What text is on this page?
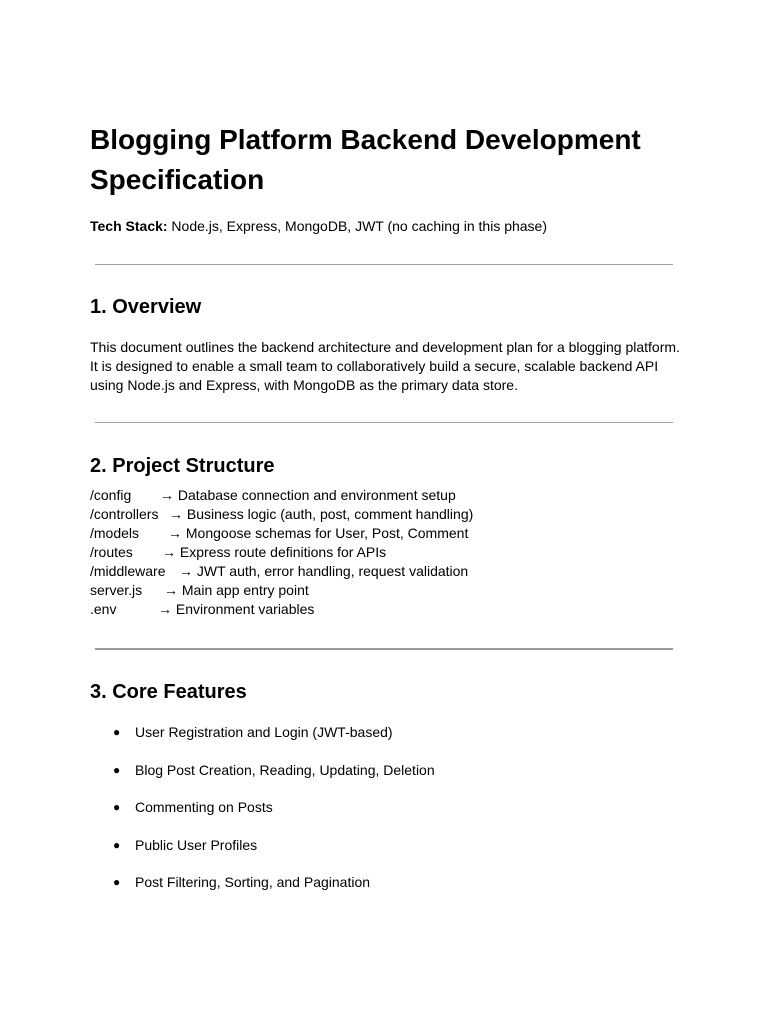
Blogging Platform Backend Development Specification

Tech Stack: Node.js, Express, MongoDB, JWT (no caching in this phase)

1. Overview

This document outlines the backend architecture and development plan for a blogging platform. It is designed to enable a small team to collaboratively build a secure, scalable backend API using Node.js and Express, with MongoDB as the primary data store.

2. Project Structure
/config → Database connection and environment setup
/controllers → Business logic (auth, post, comment handling)
/models → Mongoose schemas for User, Post, Comment
/routes → Express route definitions for APIs
/middleware → JWT auth, error handling, request validation
server.js → Main app entry point
.env	→ Environment variables
3. Core Features
● User Registration and Login (JWT-based)
● Blog Post Creation, Reading, Updating, Deletion
● Commenting on Posts
● Public User Profiles
● Post Filtering, Sorting, and Pagination
